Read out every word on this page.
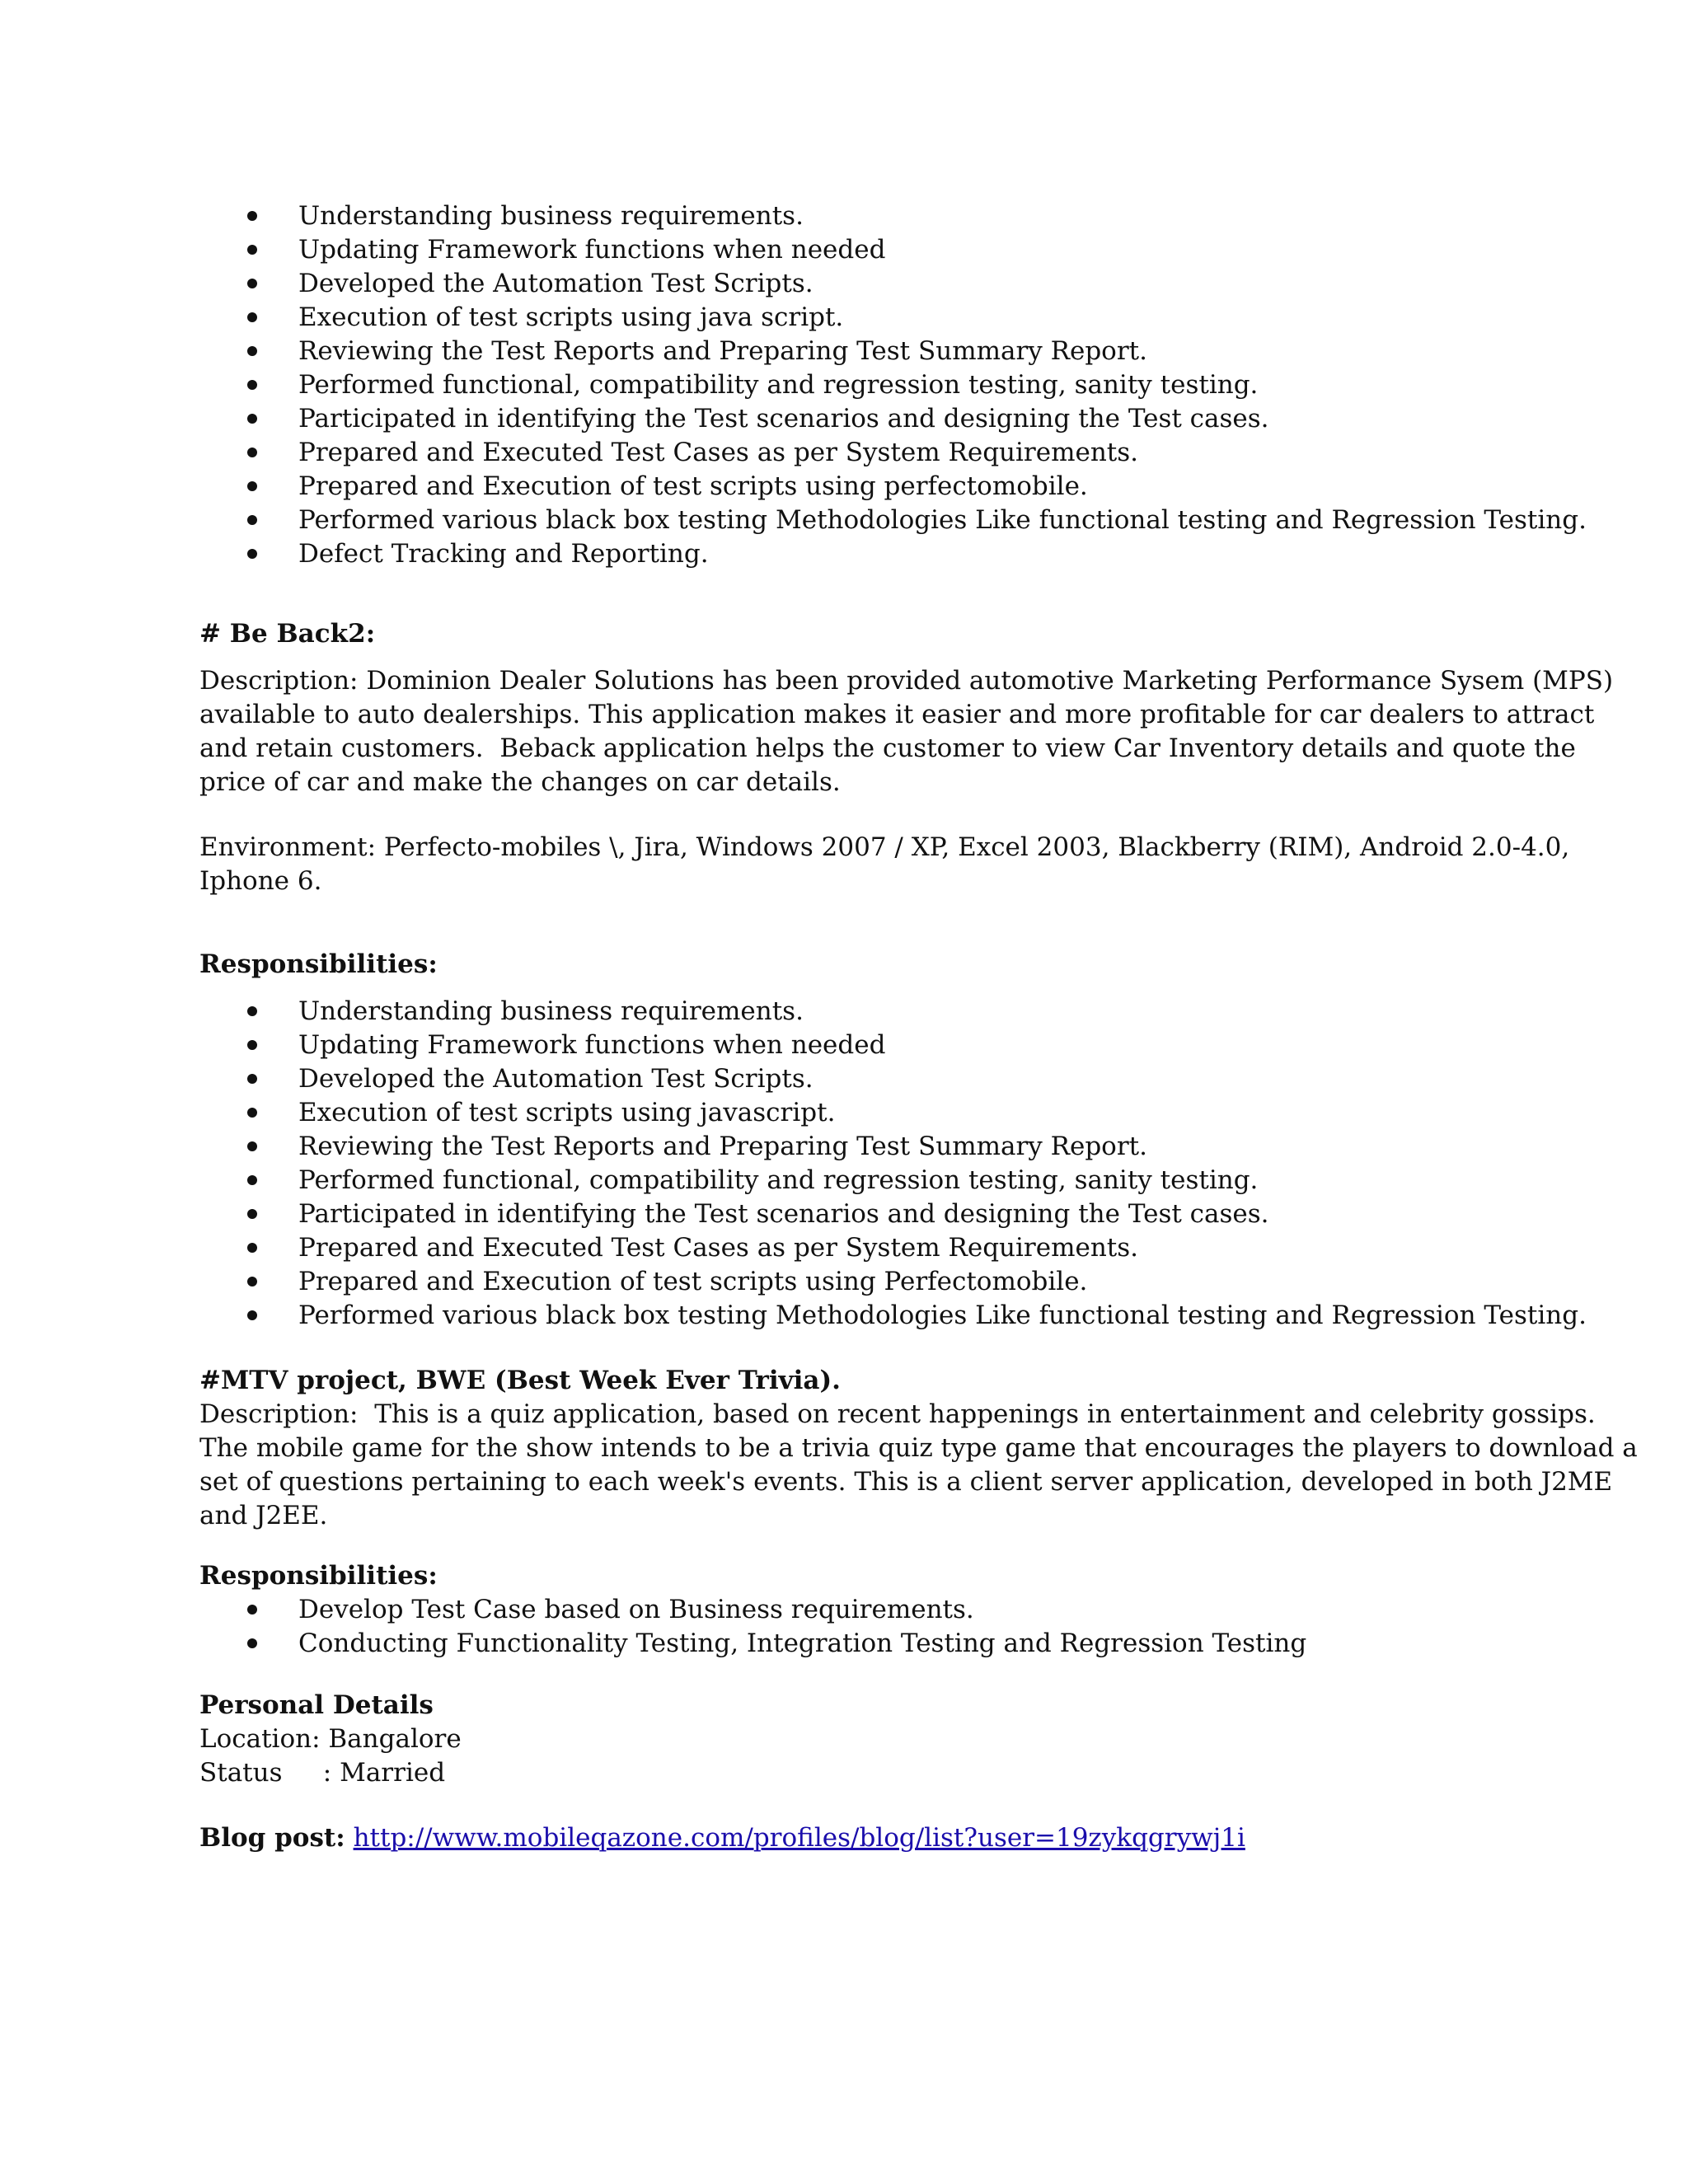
Understanding business requirements.
Updating Framework functions when needed
Developed the Automation Test Scripts.
Execution of test scripts using java script.
Reviewing the Test Reports and Preparing Test Summary Report.
Performed functional, compatibility and regression testing, sanity testing.
Participated in identifying the Test scenarios and designing the Test cases.
Prepared and Executed Test Cases as per System Requirements.
Prepared and Execution of test scripts using perfectomobile.
Performed various black box testing Methodologies Like functional testing and Regression Testing.
Defect Tracking and Reporting.

# Be Back2:

Description: Dominion Dealer Solutions has been provided automotive Marketing Performance Sysem (MPS)

available to auto dealerships. This application makes it easier and more profitable for car dealers to attract

and retain customers.  Beback application helps the customer to view Car Inventory details and quote the

price of car and make the changes on car details.

Environment: Perfecto-mobiles \, Jira, Windows 2007 / XP, Excel 2003, Blackberry (RIM), Android 2.0-4.0,

Iphone 6.

Responsibilities:

Understanding business requirements.
Updating Framework functions when needed
Developed the Automation Test Scripts.
Execution of test scripts using javascript.
Reviewing the Test Reports and Preparing Test Summary Report.
Performed functional, compatibility and regression testing, sanity testing.
Participated in identifying the Test scenarios and designing the Test cases.
Prepared and Executed Test Cases as per System Requirements.
Prepared and Execution of test scripts using Perfectomobile.
Performed various black box testing Methodologies Like functional testing and Regression Testing.

#MTV project, BWE (Best Week Ever Trivia).

Description:  This is a quiz application, based on recent happenings in entertainment and celebrity gossips.

The mobile game for the show intends to be a trivia quiz type game that encourages the players to download a

set of questions pertaining to each week's events. This is a client server application, developed in both J2ME

and J2EE.

Responsibilities:

Develop Test Case based on Business requirements.
Conducting Functionality Testing, Integration Testing and Regression Testing

Personal Details

Location: Bangalore

Status     : Married

Blog post: http://www.mobileqazone.com/profiles/blog/list?user=19zykqgrywj1i
